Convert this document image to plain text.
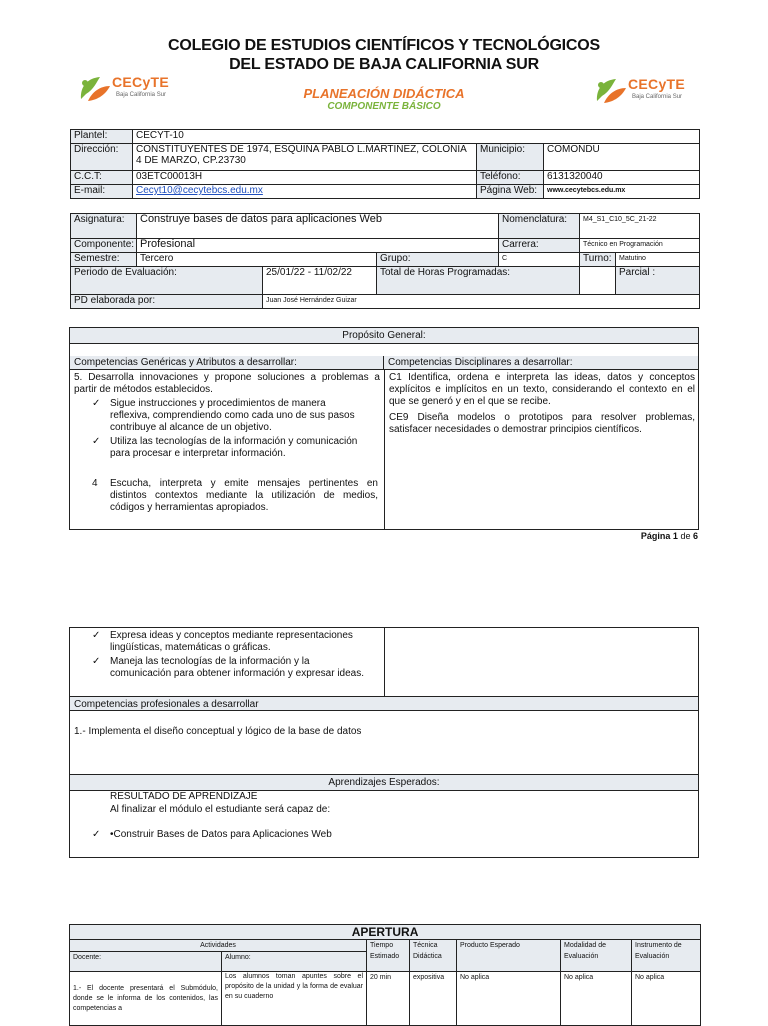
COLEGIO DE ESTUDIOS CIENTÍFICOS Y TECNOLÓGICOS
DEL ESTADO DE BAJA CALIFORNIA SUR
CECyTE
Baja California Sur
CECyTE
Baja California Sur
PLANEACIÓN DIDÁCTICA
COMPONENTE BÁSICO
Plantel:	CECYT-10		
Dirección:	CONSTITUYENTES DE 1974, ESQUINA PABLO L.MARTINEZ, COLONIA 4 DE MARZO, CP.23730	Municipio:	COMONDU
C.C.T:	03ETC00013H	Teléfono:	6131320040
E-mail:	Cecyt10@cecytebcs.edu.mx	Página Web:	www.cecytebcs.edu.mx
Asignatura:	Construye bases de datos para aplicaciones Web			Nomenclatura:	M4_S1_C10_5C_21-22	
Componente:	Profesional			Carrera:	Técnico en Programación	
Semestre:	Tercero		Grupo:	C	Turno:	Matutino
Periodo de Evaluación:		25/01/22 - 11/02/22	Total de Horas Programadas:			Parcial :
PD elaborada por:		Juan José Hernández Guizar				
Propósito General:
Competencias Genéricas y Atributos a desarrollar:	Competencias Disciplinares a desarrollar:
5. Desarrolla innovaciones y propone soluciones a problemas a partir de métodos establecidos.
✓ Sigue instrucciones y procedimientos de manera reflexiva, comprendiendo como cada uno de sus pasos contribuye al alcance de un objetivo.
✓ Utiliza las tecnologías de la información y comunicación para procesar e interpretar información.
4	Escucha, interpreta y emite mensajes pertinentes en distintos contextos mediante la utilización de medios, códigos y herramientas apropiados.
C1 Identifica, ordena e interpreta las ideas, datos y conceptos explícitos e implícitos en un texto, considerando el contexto en el que se generó y en el que se recibe.
CE9 Diseña modelos o prototipos para resolver problemas, satisfacer necesidades o demostrar principios científicos.
Página 1 de 6
✓ Expresa ideas y conceptos mediante representaciones lingüísticas, matemáticas o gráficas.
✓ Maneja las tecnologías de la información y la comunicación para obtener información y expresar ideas.
Competencias profesionales a desarrollar
1.- Implementa el diseño conceptual y lógico de la base de datos
Aprendizajes Esperados:
RESULTADO DE APRENDIZAJE
Al finalizar el módulo el estudiante será capaz de:
✓ •Construir Bases de Datos para Aplicaciones Web
APERTURA						
Actividades		Tiempo Estimado	Técnica Didáctica	Producto Esperado	Modalidad de Evaluación	Instrumento de Evaluación
Docente:	Alumno:					
1.- El docente presentará el Submódulo, donde se le informa de los contenidos, las competencias a	Los alumnos toman apuntes sobre el propósito de la unidad y la forma de evaluar en su cuaderno	20 min	expositiva	No aplica	No aplica	No aplica
